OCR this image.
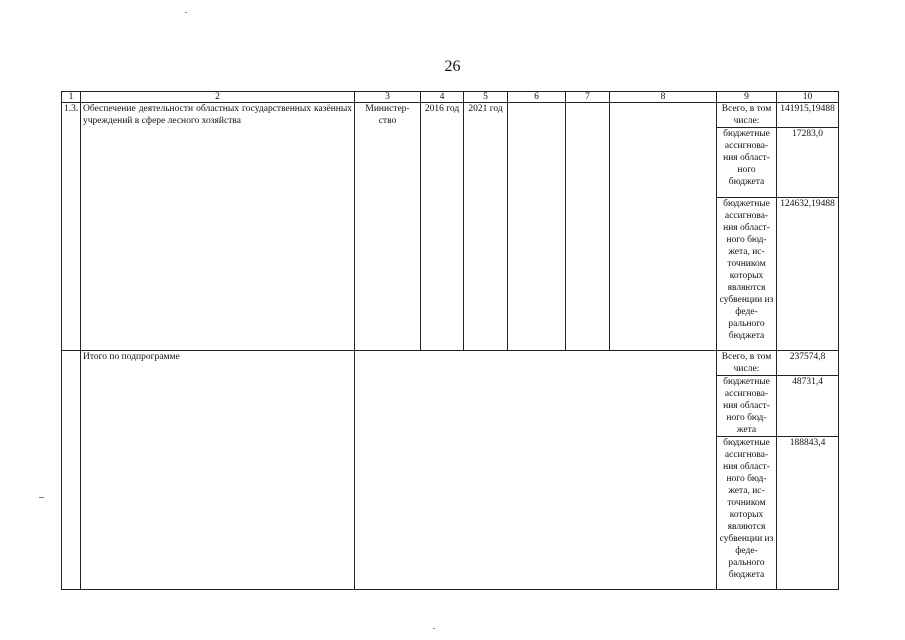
26
1	2	3	4	5	6	7	8	9	10
1.3.	Обеспечение деятельности областных государственных казённых учреждений в сфере лесного хозяйства	Министер-ство	2016 год	2021 год				Всего, в том числе:	141915,19488
								бюджетные ассигнова-ния област-ного бюджета	17283,0
								бюджетные ассигнова-ния област-ного бюд-жета, ис-точником которых являются субвенции из феде-рального бюджета	124632,19488
	Итого по подпрограмме							Всего, в том числе:	237574,8
								бюджетные ассигнова-ния област-ного бюд-жета	48731,4
								бюджетные ассигнова-ния област-ного бюд-жета, ис-точником которых являются субвенции из феде-рального бюджета	188843,4
